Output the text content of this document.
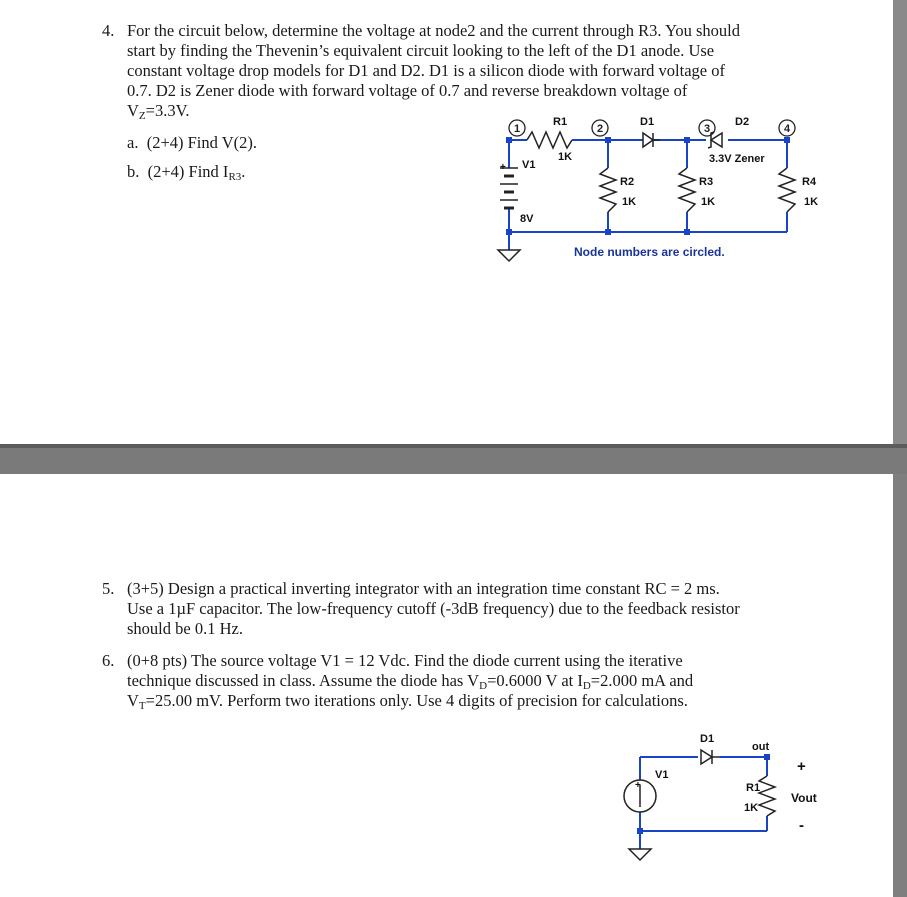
4. For the circuit below, determine the voltage at node2 and the current through R3. You should
start by finding the Thevenin’s equivalent circuit looking to the left of the D1 anode. Use
constant voltage drop models for D1 and D2. D1 is a silicon diode with forward voltage of
0.7. D2 is Zener diode with forward voltage of 0.7 and reverse breakdown voltage of
$V_Z=3.3V$.
a. (2+4) Find V(2).
b. (2+4) Find $I_{R3}$.
1	2	3	4
R1
1K
D1	D2
3.3V Zener
V1
+
8V
R2
1K
R3
1K
R4
1K
Node numbers are circled.
5. (3+5) Design a practical inverting integrator with an integration time constant RC = 2 ms.
Use a 1µF capacitor. The low-frequency cutoff (-3dB frequency) due to the feedback resistor
should be 0.1 Hz.
6. (0+8 pts) The source voltage V1 = 12 Vdc. Find the diode current using the iterative
technique discussed in class. Assume the diode has $V_D=0.6000$ V at $I_D=2.000$ mA and
$V_T=25.00$ mV. Perform two iterations only. Use 4 digits of precision for calculations.
D1
out
V1
R1
1K
+
Vout
-
+
